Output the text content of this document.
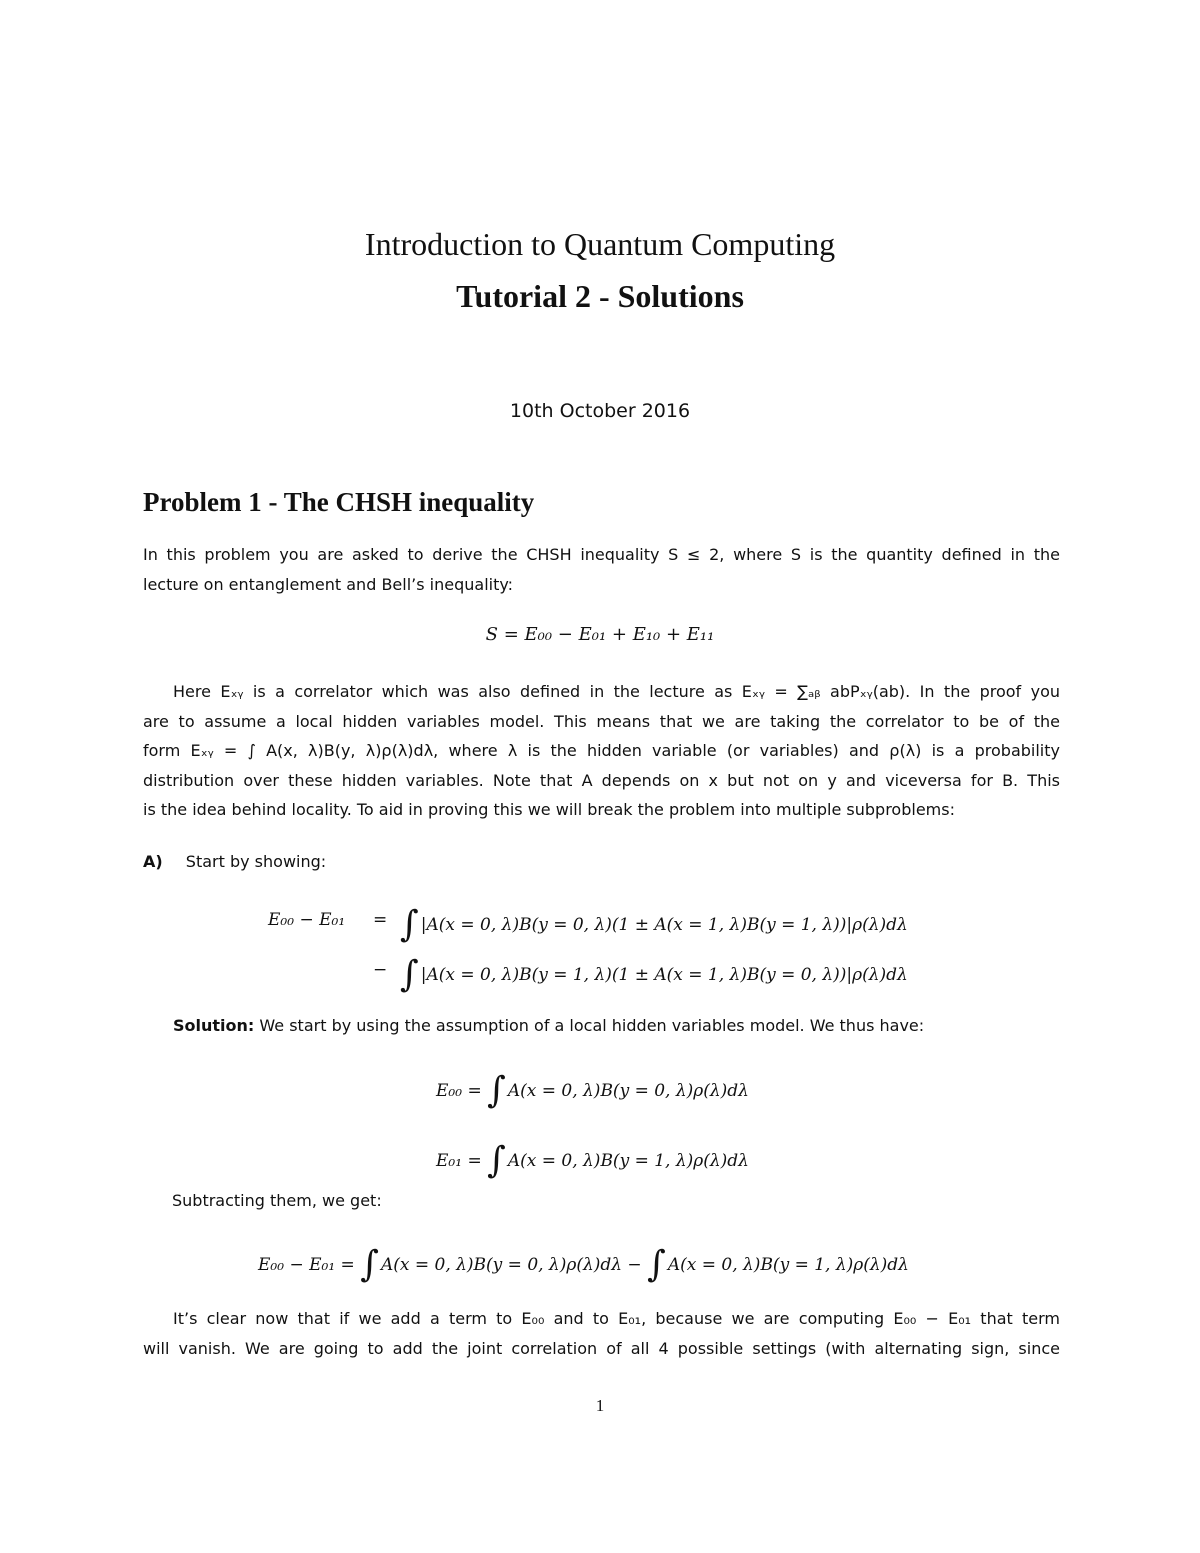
Introduction to Quantum Computing
Tutorial 2 - Solutions
10th October 2016
Problem 1 - The CHSH inequality
In this problem you are asked to derive the CHSH inequality S ≤ 2, where S is the quantity defined in the
lecture on entanglement and Bell’s inequality:
S = E₀₀ − E₀₁ + E₁₀ + E₁₁
Here Eₓᵧ is a correlator which was also defined in the lecture as Eₓᵧ = ∑ₐᵦ abPₓᵧ(ab). In the proof you
are to assume a local hidden variables model. This means that we are taking the correlator to be of the
form Eₓᵧ = ∫ A(x, λ)B(y, λ)ρ(λ)dλ, where λ is the hidden variable (or variables) and ρ(λ) is a probability
distribution over these hidden variables. Note that A depends on x but not on y and viceversa for B. This
is the idea behind locality. To aid in proving this we will break the problem into multiple subproblems:
A) Start by showing:
E₀₀ − E₀₁ = ∫ |A(x = 0, λ)B(y = 0, λ)(1 ± A(x = 1, λ)B(y = 1, λ))|ρ(λ)dλ
− ∫ |A(x = 0, λ)B(y = 1, λ)(1 ± A(x = 1, λ)B(y = 0, λ))|ρ(λ)dλ
Solution: We start by using the assumption of a local hidden variables model. We thus have:
E₀₀ = ∫ A(x = 0, λ)B(y = 0, λ)ρ(λ)dλ
E₀₁ = ∫ A(x = 0, λ)B(y = 1, λ)ρ(λ)dλ
Subtracting them, we get:
E₀₀ − E₀₁ = ∫ A(x = 0, λ)B(y = 0, λ)ρ(λ)dλ − ∫ A(x = 0, λ)B(y = 1, λ)ρ(λ)dλ
It’s clear now that if we add a term to E₀₀ and to E₀₁, because we are computing E₀₀ − E₀₁ that term
will vanish. We are going to add the joint correlation of all 4 possible settings (with alternating sign, since
1
